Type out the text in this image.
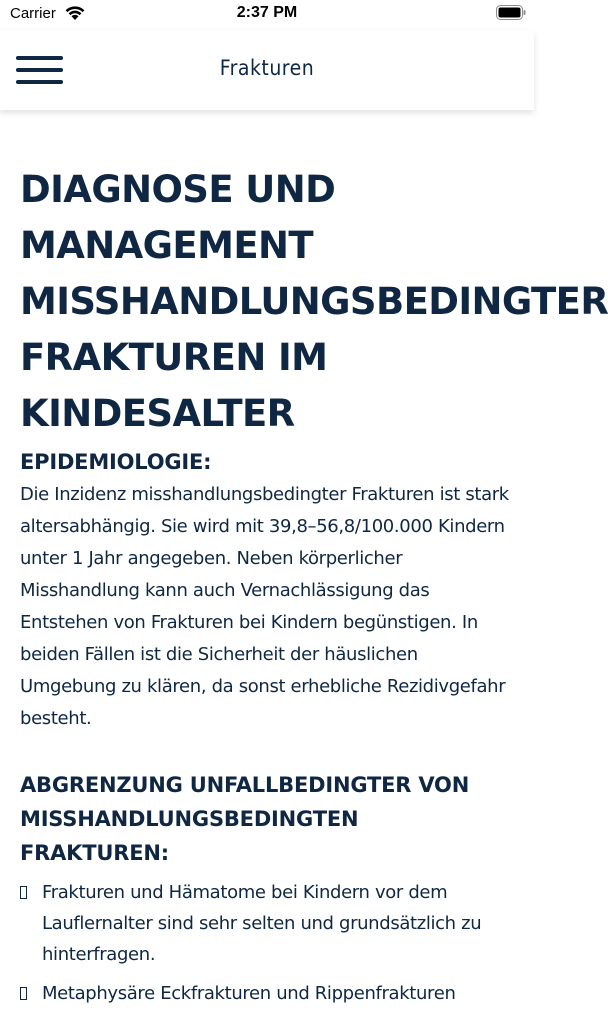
Carrier	2:37 PM
Frakturen
DIAGNOSE UND MANAGEMENT MISSHANDLUNGSBEDINGTER FRAKTUREN IM KINDESALTER
EPIDEMIOLOGIE:

Die Inzidenz misshandlungsbedingter Frakturen ist stark altersabhängig. Sie wird mit 39,8–56,8/100.000 Kindern unter 1 Jahr angegeben. Neben körperlicher Misshandlung kann auch Vernachlässigung das Entstehen von Frakturen bei Kindern begünstigen. In beiden Fällen ist die Sicherheit der häuslichen Umgebung zu klären, da sonst erhebliche Rezidivgefahr besteht.

ABGRENZUNG UNFALLBEDINGTER VON MISSHANDLUNGSBEDINGTEN FRAKTUREN:
Frakturen und Hämatome bei Kindern vor dem Lauflernalter sind sehr selten und grundsätzlich zu hinterfragen.
Metaphysäre Eckfrakturen und Rippenfrakturen
